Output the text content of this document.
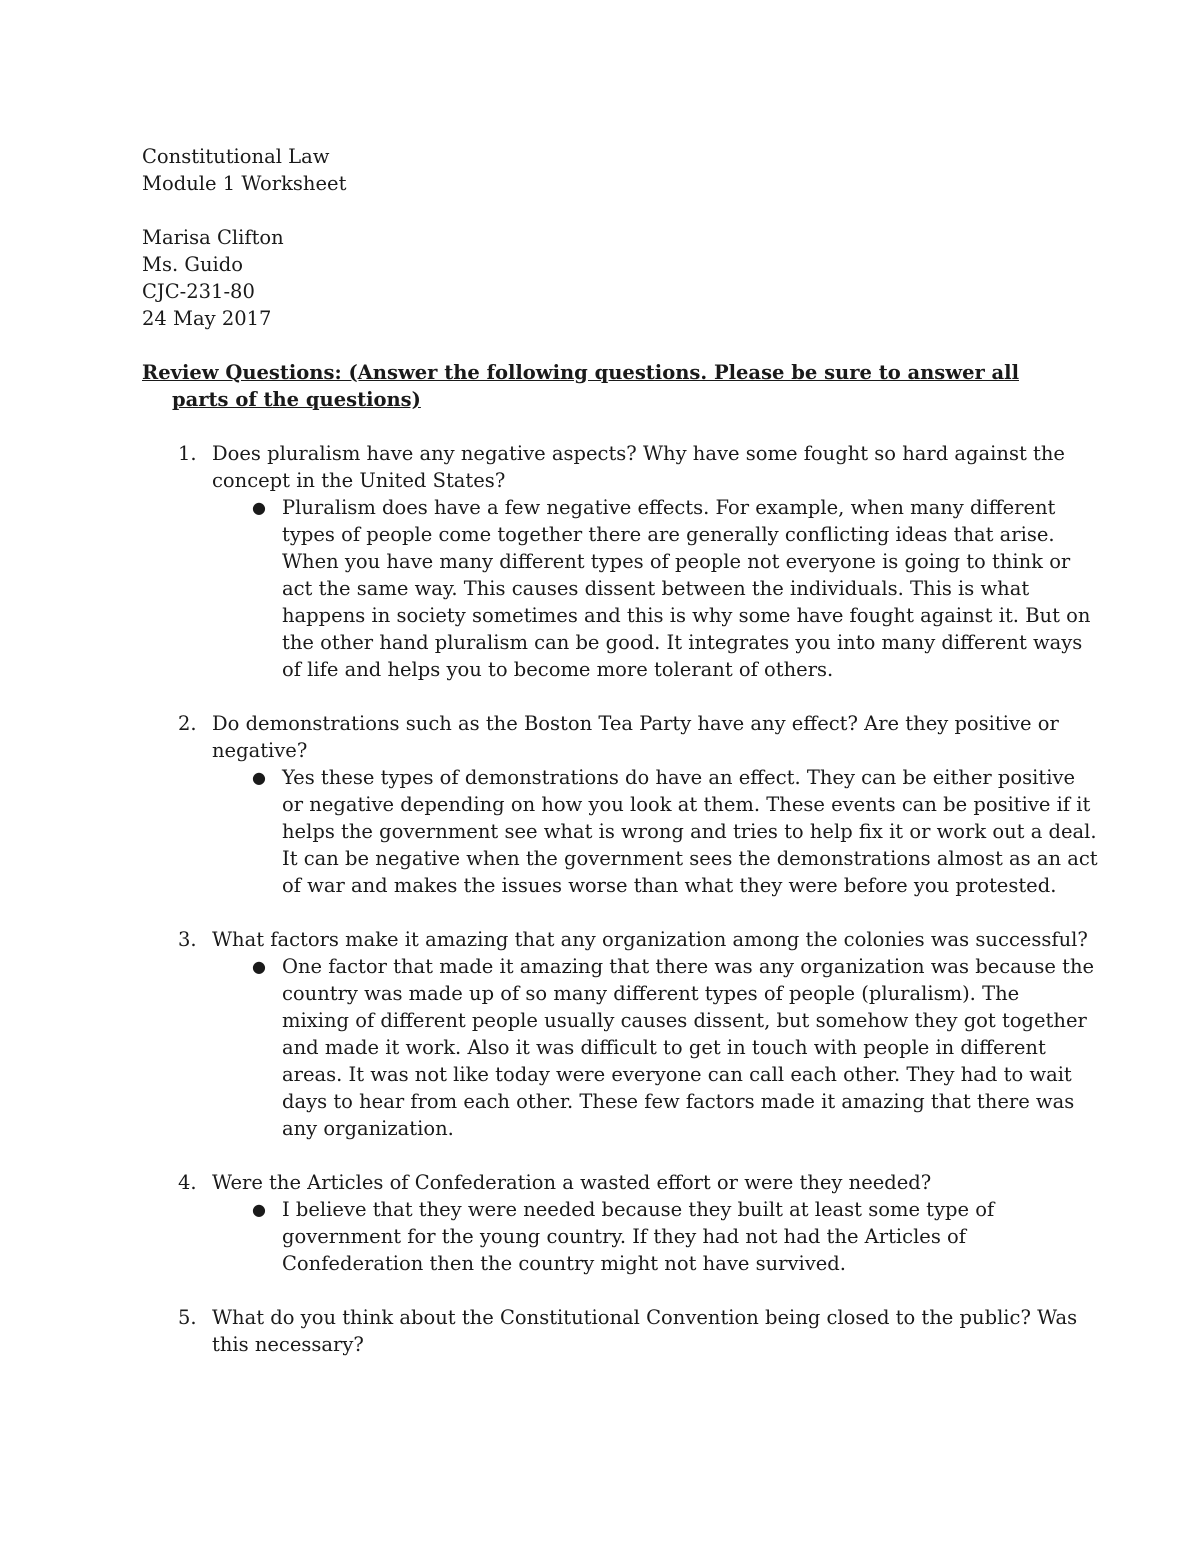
Constitutional Law
Module 1 Worksheet
Marisa Clifton
Ms. Guido
CJC-231-80
24 May 2017
Review Questions: (Answer the following questions. Please be sure to answer all parts of the questions)
1. Does pluralism have any negative aspects? Why have some fought so hard against the
concept in the United States?
● Pluralism does have a few negative effects. For example, when many different
types of people come together there are generally conflicting ideas that arise.
When you have many different types of people not everyone is going to think or
act the same way. This causes dissent between the individuals. This is what
happens in society sometimes and this is why some have fought against it. But on
the other hand pluralism can be good. It integrates you into many different ways
of life and helps you to become more tolerant of others.
2. Do demonstrations such as the Boston Tea Party have any effect? Are they positive or
negative?
● Yes these types of demonstrations do have an effect. They can be either positive
or negative depending on how you look at them. These events can be positive if it
helps the government see what is wrong and tries to help fix it or work out a deal.
It can be negative when the government sees the demonstrations almost as an act
of war and makes the issues worse than what they were before you protested.
3. What factors make it amazing that any organization among the colonies was successful?
● One factor that made it amazing that there was any organization was because the
country was made up of so many different types of people (pluralism). The
mixing of different people usually causes dissent, but somehow they got together
and made it work. Also it was difficult to get in touch with people in different
areas. It was not like today were everyone can call each other. They had to wait
days to hear from each other. These few factors made it amazing that there was
any organization.
4. Were the Articles of Confederation a wasted effort or were they needed?
● I believe that they were needed because they built at least some type of
government for the young country. If they had not had the Articles of
Confederation then the country might not have survived.
5. What do you think about the Constitutional Convention being closed to the public? Was
this necessary?
